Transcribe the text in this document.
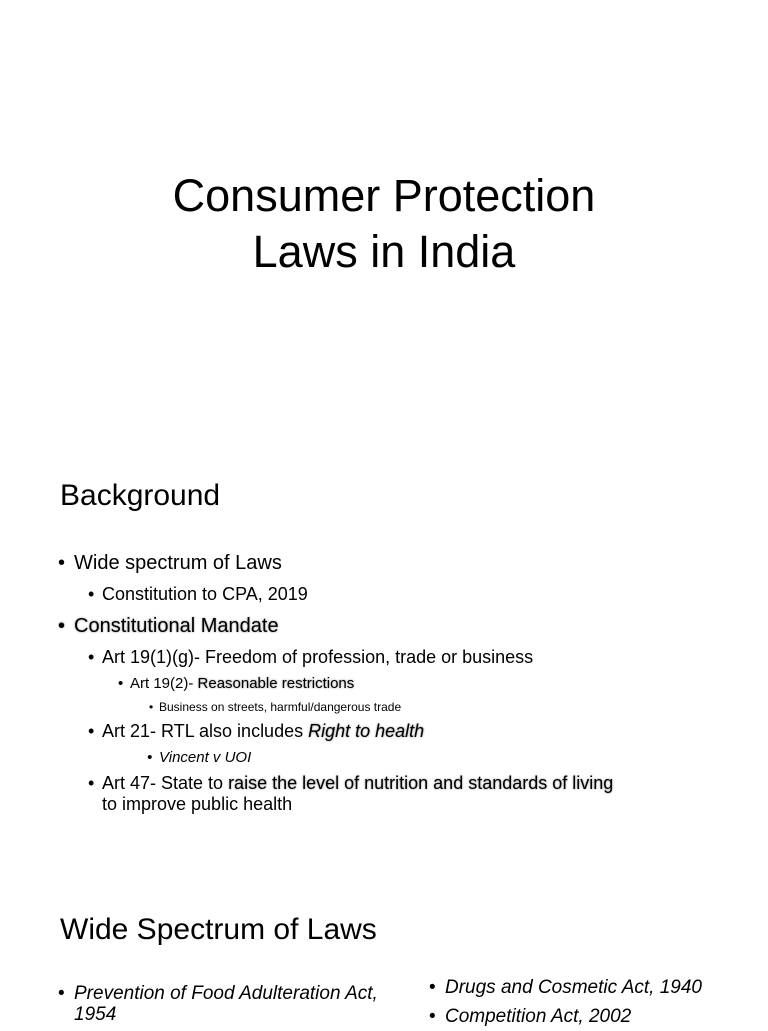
Consumer Protection
Laws in India
Background
• Wide spectrum of Laws
• Constitution to CPA, 2019
• Constitutional Mandate
• Art 19(1)(g)- Freedom of profession, trade or business
• Art 19(2)- Reasonable restrictions
• Business on streets, harmful/dangerous trade
• Art 21- RTL also includes Right to health
• Vincent v UOI
• Art 47- State to raise the level of nutrition and standards of living
to improve public health
Wide Spectrum of Laws
• Prevention of Food Adulteration Act,
1954
• Drugs and Cosmetic Act, 1940
• Competition Act, 2002
